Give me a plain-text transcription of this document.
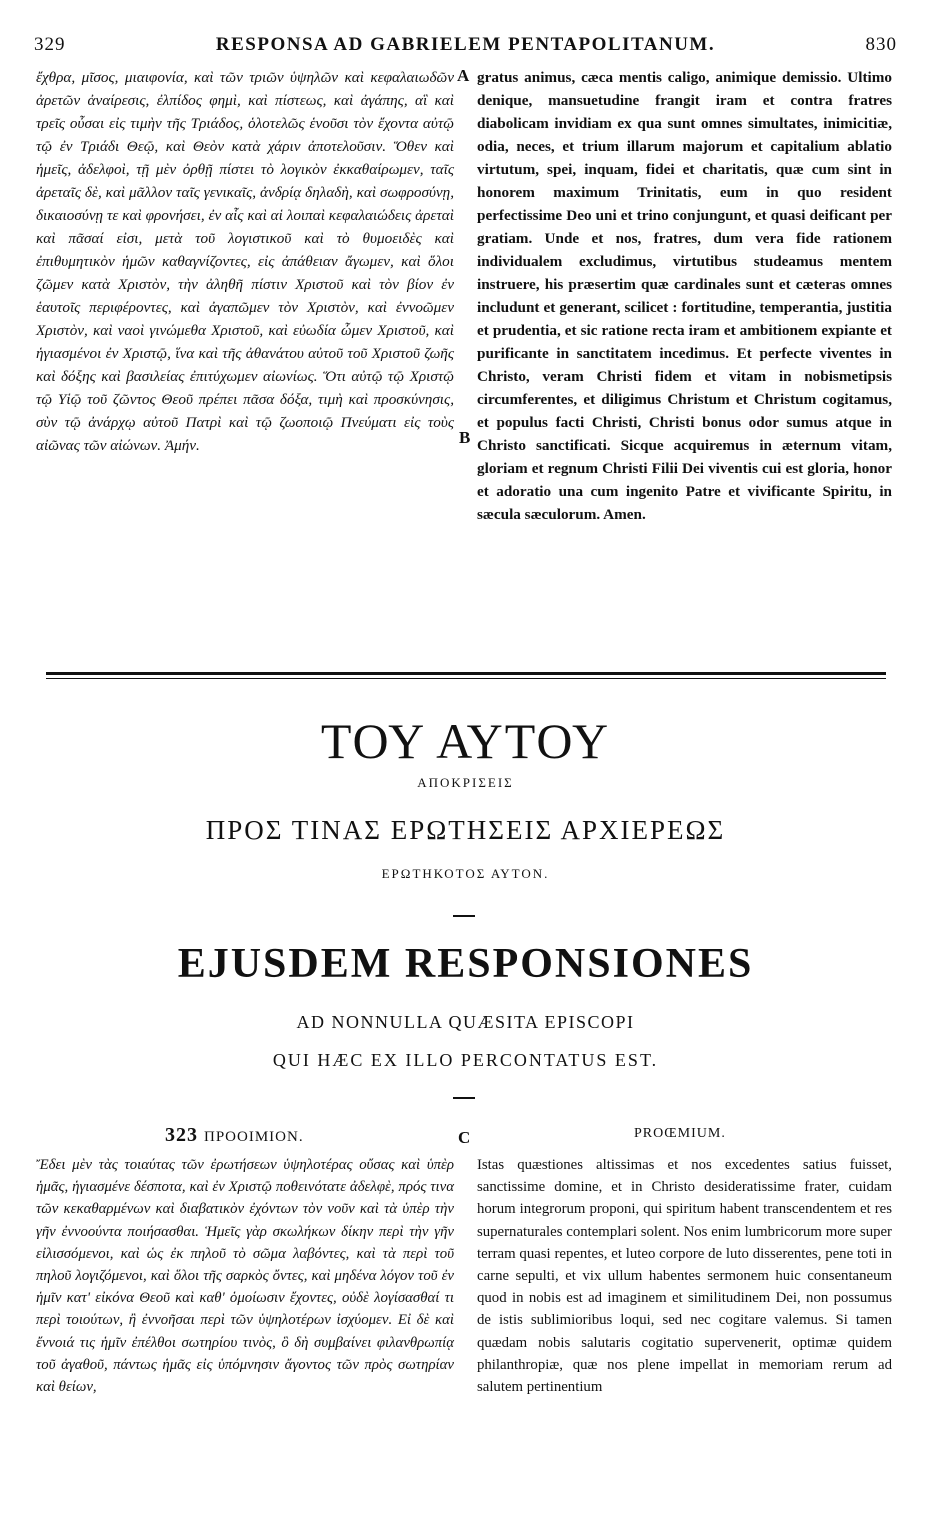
329	RESPONSA AD GABRIELEM PENTAPOLITANUM.	830
ἔχθρα, μῖσος, μιαιφονία, καὶ τῶν τριῶν ὑψηλῶν καὶ κεφαλαιωδῶν ἀρετῶν ἀναίρεσις, ἐλπίδος φημὶ, καὶ πίστεως, καὶ ἀγάπης, αἳ καὶ τρεῖς οὖσαι εἰς τιμὴν τῆς Τριάδος, ὁλοτελῶς ἑνοῦσι τὸν ἔχοντα αὐτῷ τῷ ἐν Τριάδι Θεῷ, καὶ Θεὸν κατὰ χάριν ἀποτελοῦσιν. Ὅθεν καὶ ἡμεῖς, ἀδελφοὶ, τῇ μὲν ὀρθῇ πίστει τὸ λογικὸν ἐκκαθαίρωμεν, ταῖς ἀρεταῖς δὲ, καὶ μᾶλλον ταῖς γενικαῖς, ἀνδρίᾳ δηλαδὴ, καὶ σωφροσύνῃ, δικαιοσύνῃ τε καὶ φρονήσει, ἐν αἷς καὶ αἱ λοιπαὶ κεφαλαιώδεις ἀρεταὶ καὶ πᾶσαί εἰσι, μετὰ τοῦ λογιστικοῦ καὶ τὸ θυμοειδὲς καὶ ἐπιθυμητικὸν ἡμῶν καθαγνίζοντες, εἰς ἀπάθειαν ἄγωμεν, καὶ ὅλοι ζῶμεν κατὰ Χριστὸν, τὴν ἀληθῆ πίστιν Χριστοῦ καὶ τὸν βίον ἐν ἑαυτοῖς περιφέροντες, καὶ ἀγαπῶμεν τὸν Χριστὸν, καὶ ἐννοῶμεν Χριστὸν, καὶ ναοὶ γινώμεθα Χριστοῦ, καὶ εὐωδία ὦμεν Χριστοῦ, καὶ ἡγιασμένοι ἐν Χριστῷ, ἵνα καὶ τῆς ἀθανάτου αὐτοῦ τοῦ Χριστοῦ ζωῆς καὶ δόξης καὶ βασιλείας ἐπιτύχωμεν αἰωνίως. Ὅτι αὐτῷ τῷ Χριστῷ τῷ Υἱῷ τοῦ ζῶντος Θεοῦ πρέπει πᾶσα δόξα, τιμὴ καὶ προσκύνησις, σὺν τῷ ἀνάρχῳ αὐτοῦ Πατρὶ καὶ τῷ ζωοποιῷ Πνεύματι εἰς τοὺς αἰῶνας τῶν αἰώνων. Ἀμήν.
A
B
gratus animus, cæca mentis caligo, animique demissio. Ultimo denique, mansuetudine frangit iram et contra fratres diabolicam invidiam ex qua sunt omnes simultates, inimicitiæ, odia, neces, et trium illarum majorum et capitalium ablatio virtutum, spei, inquam, fidei et charitatis, quæ cum sint in honorem maximum Trinitatis, eum in quo resident perfectissime Deo uni et trino conjungunt, et quasi deificant per gratiam. Unde et nos, fratres, dum vera fide rationem individualem excludimus, virtutibus studeamus mentem instruere, his præsertim quæ cardinales sunt et cæteras omnes includunt et generant, scilicet : fortitudine, temperantia, justitia et prudentia, et sic ratione recta iram et ambitionem expiante et purificante in sanctitatem incedimus. Et perfecte viventes in Christo, veram Christi fidem et vitam in nobismetipsis circumferentes, et diligimus Christum et Christum cogitamus, et populus facti Christi, Christi bonus odor sumus atque in Christo sanctificati. Sicque acquiremus in æternum vitam, gloriam et regnum Christi Filii Dei viventis cui est gloria, honor et adoratio una cum ingenito Patre et vivificante Spiritu, in sæcula sæculorum. Amen.
ΤΟΥ ΑΥΤΟΥ
ΑΠΟΚΡΙΣΕΙΣ
ΠΡΟΣ ΤΙΝΑΣ ΕΡΩΤΗΣΕΙΣ ΑΡΧΙΕΡΕΩΣ
ΕΡΩΤΗΚΟΤΟΣ ΑΥΤΟΝ.
EJUSDEM RESPONSIONES
AD NONNULLA QUÆSITA EPISCOPI
QUI HÆC EX ILLO PERCONTATUS EST.
323 ΠΡΟΟΙΜΙΟΝ.	C	PROŒMIUM.
Ἔδει μὲν τὰς τοιαύτας τῶν ἐρωτήσεων ὑψηλοτέρας οὔσας καὶ ὑπὲρ ἡμᾶς, ἡγιασμένε δέσποτα, καὶ ἐν Χριστῷ ποθεινότατε ἀδελφὲ, πρός τινα τῶν κεκαθαρμένων καὶ διαβατικὸν ἐχόντων τὸν νοῦν καὶ τὰ ὑπὲρ τὴν γῆν ἐννοούντα ποιήσασθαι. Ἡμεῖς γὰρ σκωλήκων δίκην περὶ τὴν γῆν εἰλισσόμενοι, καὶ ὡς ἐκ πηλοῦ τὸ σῶμα λαβόντες, καὶ τὰ περὶ τοῦ πηλοῦ λογιζόμενοι, καὶ ὅλοι τῆς σαρκὸς ὄντες, καὶ μηδένα λόγον τοῦ ἐν ἡμῖν κατ' εἰκόνα Θεοῦ καὶ καθ' ὁμοίωσιν ἔχοντες, οὐδὲ λογίσασθαί τι περὶ τοιούτων, ἢ ἐννοῆσαι περὶ τῶν ὑψηλοτέρων ἰσχύομεν. Εἰ δὲ καὶ ἔννοιά τις ἡμῖν ἐπέλθοι σωτηρίου τινὸς, ὃ δὴ συμβαίνει φιλανθρωπίᾳ τοῦ ἀγαθοῦ, πάντως ἡμᾶς εἰς ὑπόμνησιν ἄγοντος τῶν πρὸς σωτηρίαν καὶ θείων,
Istas quæstiones altissimas et nos excedentes satius fuisset, sanctissime domine, et in Christo desideratissime frater, cuidam horum integrorum proponi, qui spiritum habent transcendentem et res supernaturales contemplari solent. Nos enim lumbricorum more super terram quasi repentes, et luteo corpore de luto disserentes, pene toti in carne sepulti, et vix ullum habentes sermonem huic consentaneum quod in nobis est ad imaginem et similitudinem Dei, non possumus de istis sublimioribus loqui, sed nec cogitare valemus. Si tamen quædam nobis salutaris cogitatio supervenerit, optimæ quidem philanthropiæ, quæ nos plene impellat in memoriam rerum ad salutem pertinentium
